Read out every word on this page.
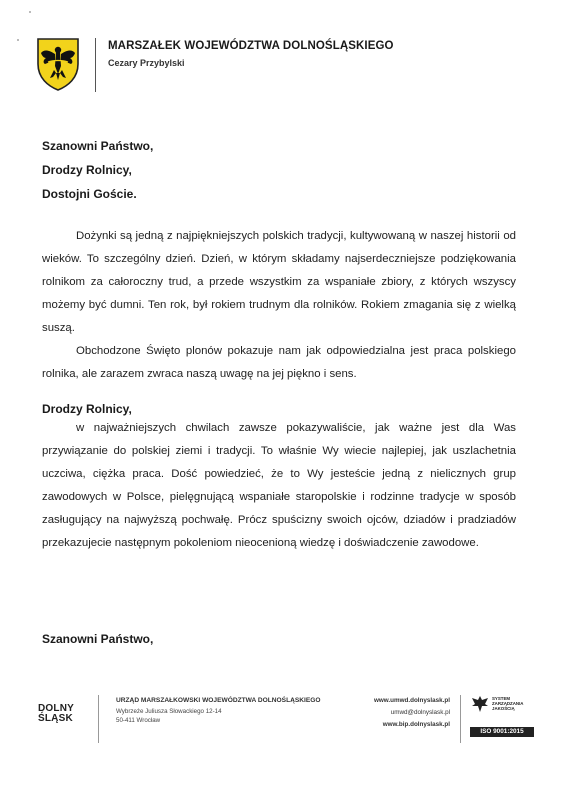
MARSZAŁEK WOJEWÓDZTWA DOLNOŚLĄSKIEGO
Cezary Przybylski
Szanowni Państwo,
Drodzy Rolnicy,
Dostojni Goście.
Dożynki są jedną z najpiękniejszych polskich tradycji, kultywowaną w naszej historii od wieków. To szczególny dzień. Dzień, w którym składamy najserdeczniejsze podziękowania rolnikom za całoroczny trud, a przede wszystkim za wspaniałe zbiory, z których wszyscy możemy być dumni. Ten rok, był rokiem trudnym dla rolników. Rokiem zmagania się z wielką suszą.
Obchodzone Święto plonów pokazuje nam jak odpowiedzialna jest praca polskiego rolnika, ale zarazem zwraca naszą uwagę na jej piękno i sens.
Drodzy Rolnicy,
w najważniejszych chwilach zawsze pokazywaliście, jak ważne jest dla Was przywiązanie do polskiej ziemi i tradycji. To właśnie Wy wiecie najlepiej, jak uszlachetnia uczciwa, ciężka praca. Dość powiedzieć, że to Wy jesteście jedną z nielicznych grup zawodowych w Polsce, pielęgnującą wspaniałe staropolskie i rodzinne tradycje w sposób zasługujący na najwyższą pochwałę. Prócz spuścizny swoich ojców, dziadów i pradziadów przekazujecie następnym pokoleniom nieocenioną wiedzę i doświadczenie zawodowe.
Szanowni Państwo,
DOLNY
ŚLĄSK
URZĄD MARSZAŁKOWSKI WOJEWÓDZTWA DOLNOŚLĄSKIEGO
Wybrzeże Juliusza Słowackiego 12-14
50-411 Wrocław
www.umwd.dolnyslask.pl
umwd@dolnyslask.pl
www.bip.dolnyslask.pl
SYSTEM ZARZĄDZANIA JAKOŚCIĄ
ISO 9001:2015
